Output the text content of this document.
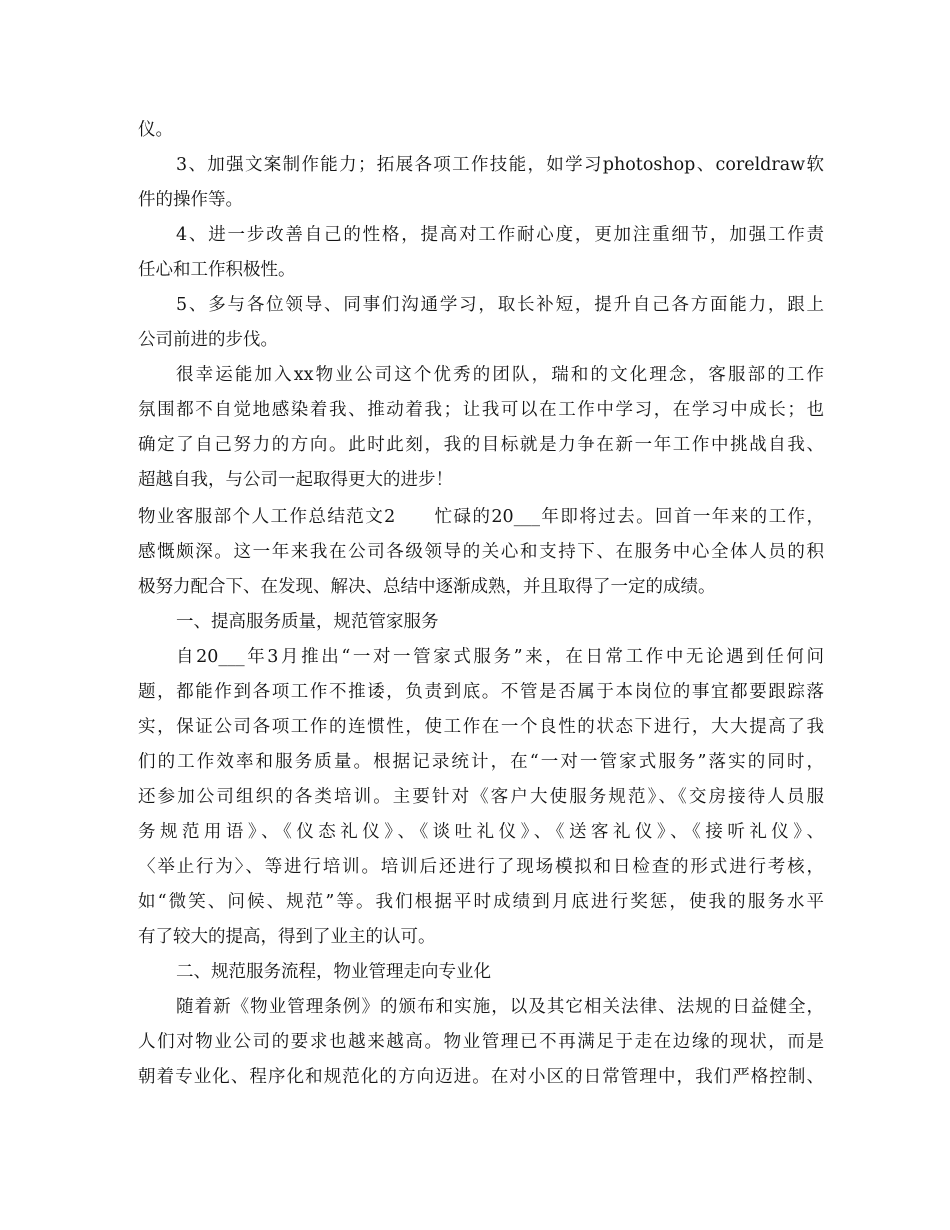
仪。

3、加强文案制作能力；拓展各项工作技能，如学习photoshop、coreldraw软

件的操作等。

4、进一步改善自己的性格，提高对工作耐心度，更加注重细节，加强工作责

任心和工作积极性。

5、多与各位领导、同事们沟通学习，取长补短，提升自己各方面能力，跟上

公司前进的步伐。

很幸运能加入xx物业公司这个优秀的团队，瑞和的文化理念，客服部的工作

氛围都不自觉地感染着我、推动着我；让我可以在工作中学习，在学习中成长；也

确定了自己努力的方向。此时此刻，我的目标就是力争在新一年工作中挑战自我、

超越自我，与公司一起取得更大的进步！

物业客服部个人工作总结范文2　　忙碌的20___年即将过去。回首一年来的工作，

感慨颇深。这一年来我在公司各级领导的关心和支持下、在服务中心全体人员的积

极努力配合下、在发现、解决、总结中逐渐成熟，并且取得了一定的成绩。

一、提高服务质量，规范管家服务

自20___年3月推出“一对一管家式服务”来，在日常工作中无论遇到任何问

题，都能作到各项工作不推诿，负责到底。不管是否属于本岗位的事宜都要跟踪落

实，保证公司各项工作的连惯性，使工作在一个良性的状态下进行，大大提高了我

们的工作效率和服务质量。根据记录统计，在“一对一管家式服务”落实的同时，

还参加公司组织的各类培训。主要针对《客户大使服务规范》、《交房接待人员服

务规范用语》、《仪态礼仪》、《谈吐礼仪》、《送客礼仪》、《接听礼仪》、

〈举止行为〉、等进行培训。培训后还进行了现场模拟和日检查的形式进行考核，

如“微笑、问候、规范”等。我们根据平时成绩到月底进行奖惩，使我的服务水平

有了较大的提高，得到了业主的认可。

二、规范服务流程，物业管理走向专业化

随着新《物业管理条例》的颁布和实施，以及其它相关法律、法规的日益健全，

人们对物业公司的要求也越来越高。物业管理已不再满足于走在边缘的现状，而是

朝着专业化、程序化和规范化的方向迈进。在对小区的日常管理中，我们严格控制、
